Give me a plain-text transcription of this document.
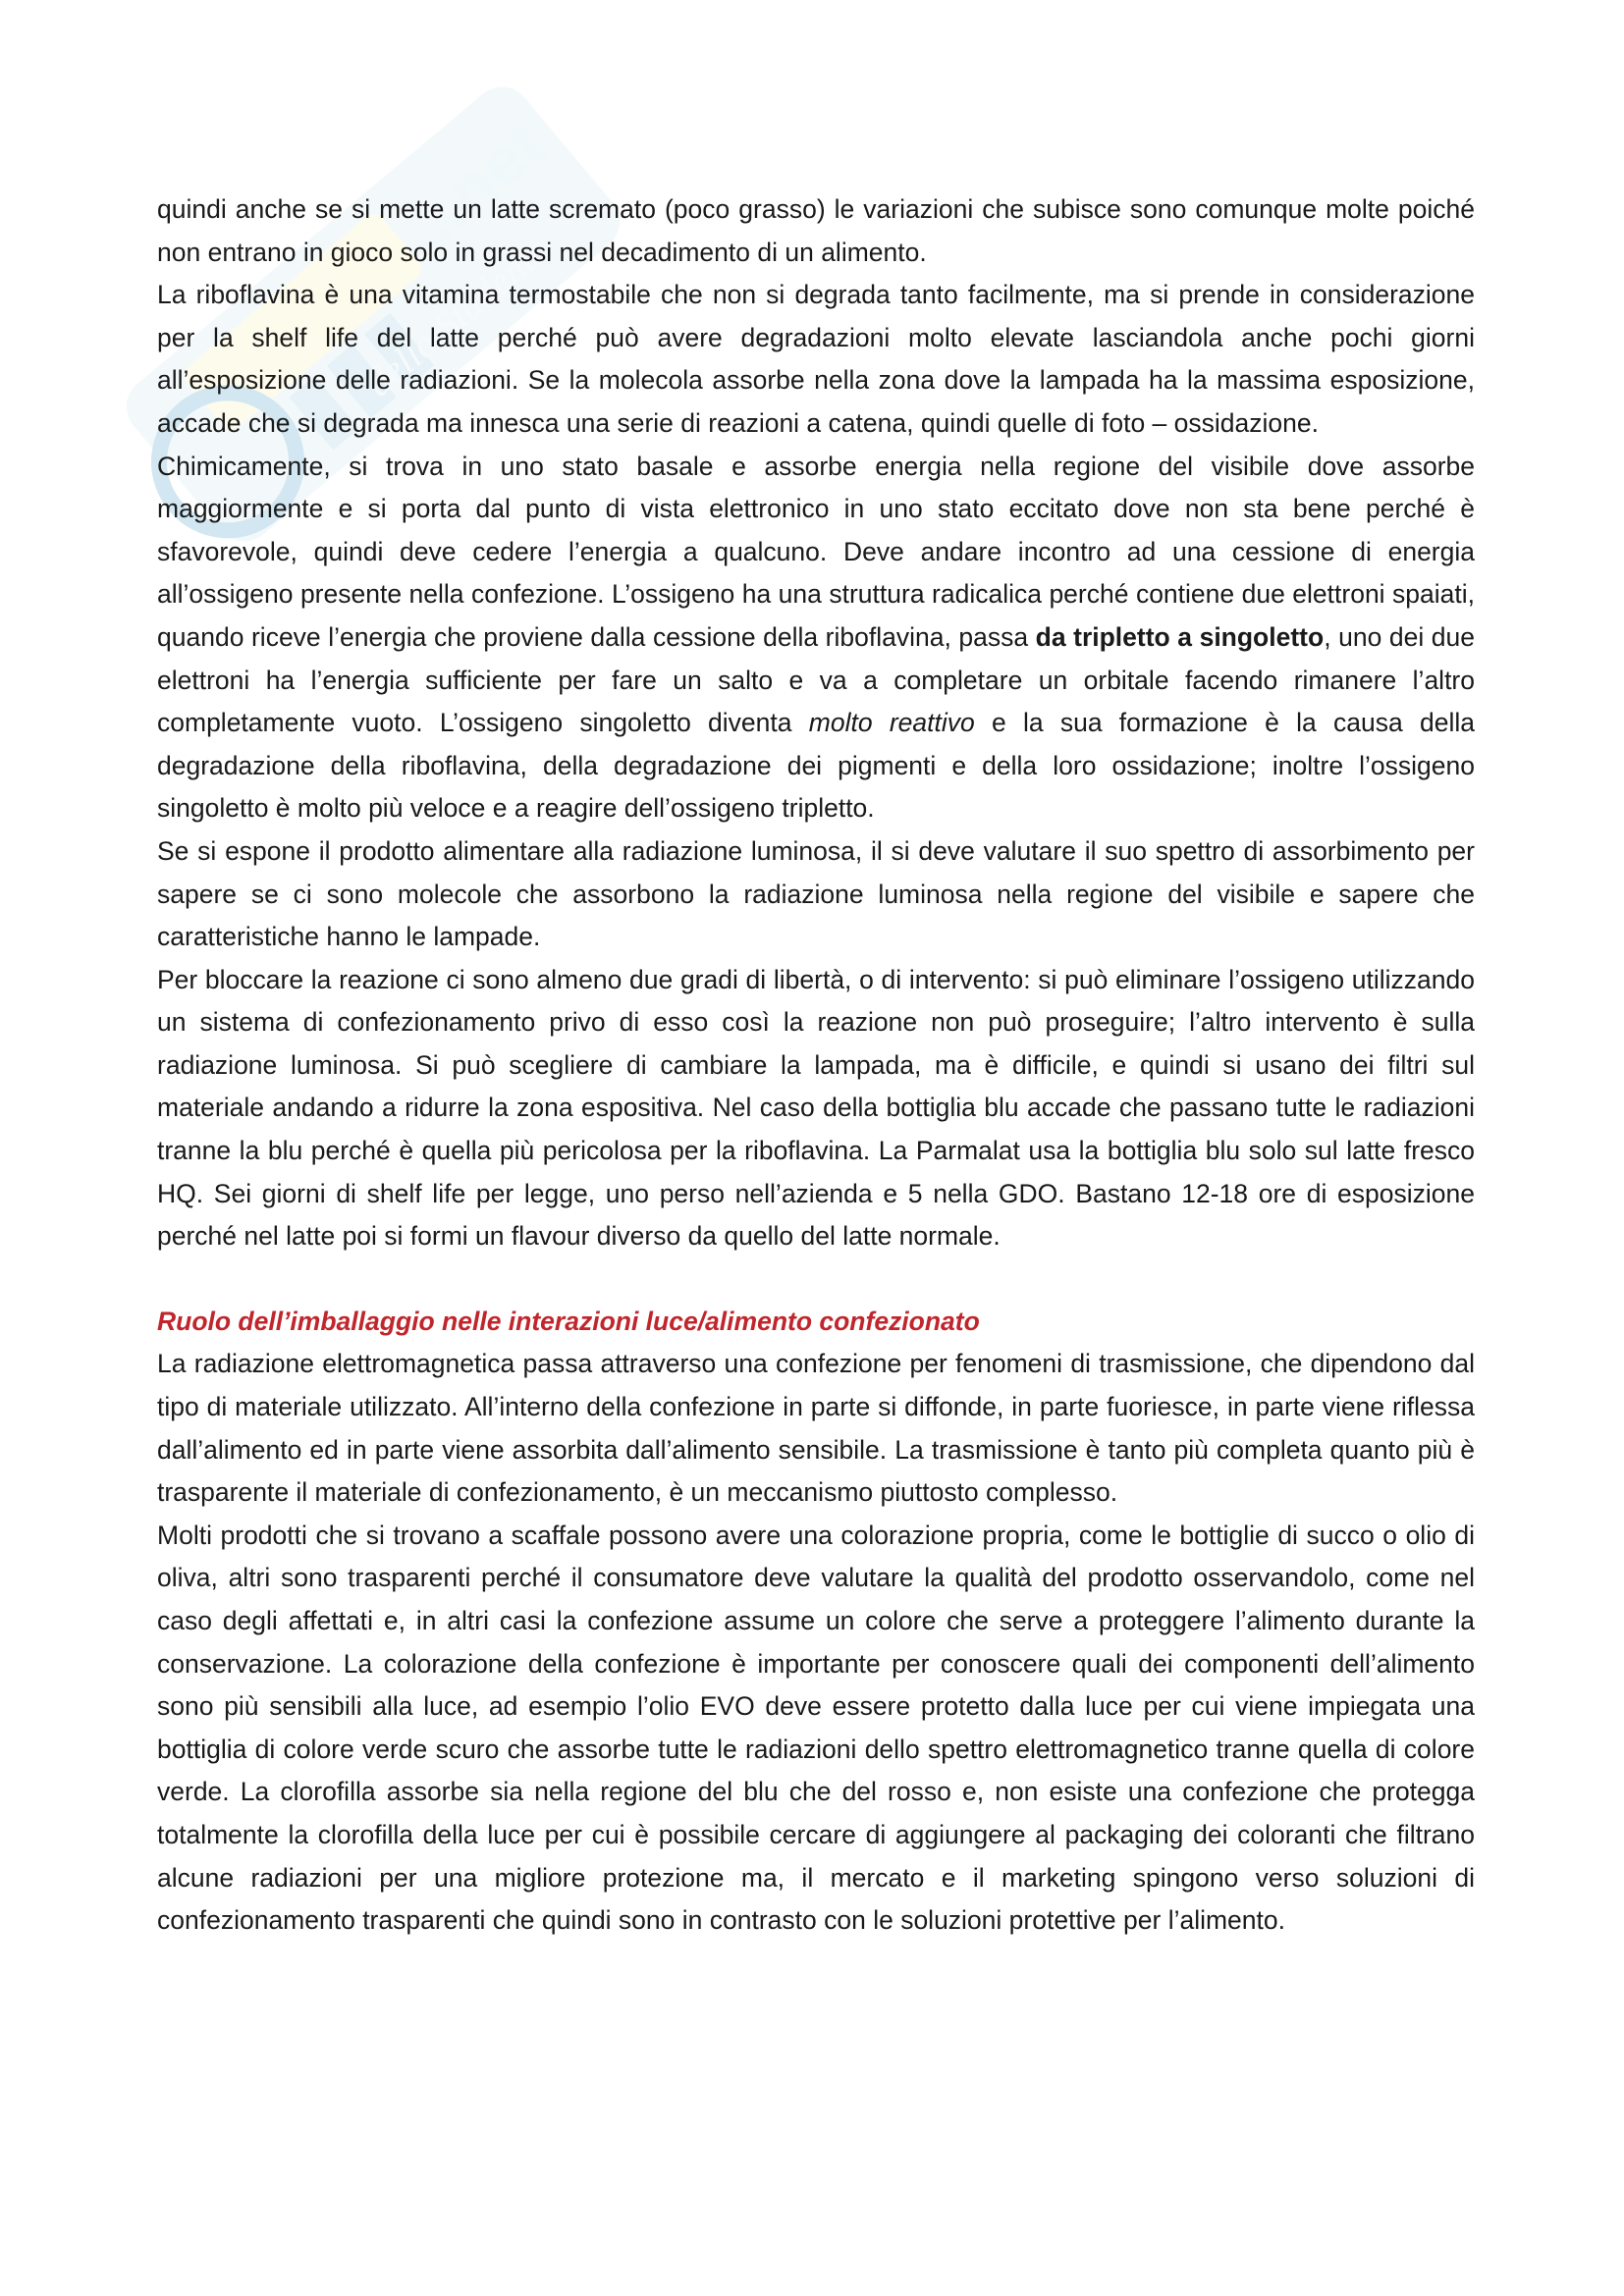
...net
dello Studente

quindi anche se si mette un latte scremato (poco grasso) le variazioni che subisce sono comunque molte poiché non entrano in gioco solo in grassi nel decadimento di un alimento.

La riboflavina è una vitamina termostabile che non si degrada tanto facilmente, ma si prende in considerazione per la shelf life del latte perché può avere degradazioni molto elevate lasciandola anche pochi giorni all’esposizione delle radiazioni. Se la molecola assorbe nella zona dove la lampada ha la massima esposizione, accade che si degrada ma innesca una serie di reazioni a catena, quindi quelle di foto – ossidazione.

Chimicamente, si trova in uno stato basale e assorbe energia nella regione del visibile dove assorbe maggiormente e si porta dal punto di vista elettronico in uno stato eccitato dove non sta bene perché è sfavorevole, quindi deve cedere l’energia a qualcuno. Deve andare incontro ad una cessione di energia all’ossigeno presente nella confezione. L’ossigeno ha una struttura radicalica perché contiene due elettroni spaiati, quando riceve l’energia che proviene dalla cessione della riboflavina, passa da tripletto a singoletto, uno dei due elettroni ha l’energia sufficiente per fare un salto e va a completare un orbitale facendo rimanere l’altro completamente vuoto. L’ossigeno singoletto diventa molto reattivo e la sua formazione è la causa della degradazione della riboflavina, della degradazione dei pigmenti e della loro ossidazione; inoltre l’ossigeno singoletto è molto più veloce e a reagire dell’ossigeno tripletto.

Se si espone il prodotto alimentare alla radiazione luminosa, il si deve valutare il suo spettro di assorbimento per sapere se ci sono molecole che assorbono la radiazione luminosa nella regione del visibile e sapere che caratteristiche hanno le lampade.

Per bloccare la reazione ci sono almeno due gradi di libertà, o di intervento: si può eliminare l’ossigeno utilizzando un sistema di confezionamento privo di esso così la reazione non può proseguire; l’altro intervento è sulla radiazione luminosa. Si può scegliere di cambiare la lampada, ma è difficile, e quindi si usano dei filtri sul materiale andando a ridurre la zona espositiva. Nel caso della bottiglia blu accade che passano tutte le radiazioni tranne la blu perché è quella più pericolosa per la riboflavina. La Parmalat usa la bottiglia blu solo sul latte fresco HQ. Sei giorni di shelf life per legge, uno perso nell’azienda e 5 nella GDO. Bastano 12-18 ore di esposizione perché nel latte poi si formi un flavour diverso da quello del latte normale.

Ruolo dell’imballaggio nelle interazioni luce/alimento confezionato

La radiazione elettromagnetica passa attraverso una confezione per fenomeni di trasmissione, che dipendono dal tipo di materiale utilizzato. All’interno della confezione in parte si diffonde, in parte fuoriesce, in parte viene riflessa dall’alimento ed in parte viene assorbita dall’alimento sensibile. La trasmissione è tanto più completa quanto più è trasparente il materiale di confezionamento, è un meccanismo piuttosto complesso.

Molti prodotti che si trovano a scaffale possono avere una colorazione propria, come le bottiglie di succo o olio di oliva, altri sono trasparenti perché il consumatore deve valutare la qualità del prodotto osservandolo, come nel caso degli affettati e, in altri casi la confezione assume un colore che serve a proteggere l’alimento durante la conservazione. La colorazione della confezione è importante per conoscere quali dei componenti dell’alimento sono più sensibili alla luce, ad esempio l’olio EVO deve essere protetto dalla luce per cui viene impiegata una bottiglia di colore verde scuro che assorbe tutte le radiazioni dello spettro elettromagnetico tranne quella di colore verde. La clorofilla assorbe sia nella regione del blu che del rosso e, non esiste una confezione che protegga totalmente la clorofilla della luce per cui è possibile cercare di aggiungere al packaging dei coloranti che filtrano alcune radiazioni per una migliore protezione ma, il mercato e il marketing spingono verso soluzioni di confezionamento trasparenti che quindi sono in contrasto con le soluzioni protettive per l’alimento.
